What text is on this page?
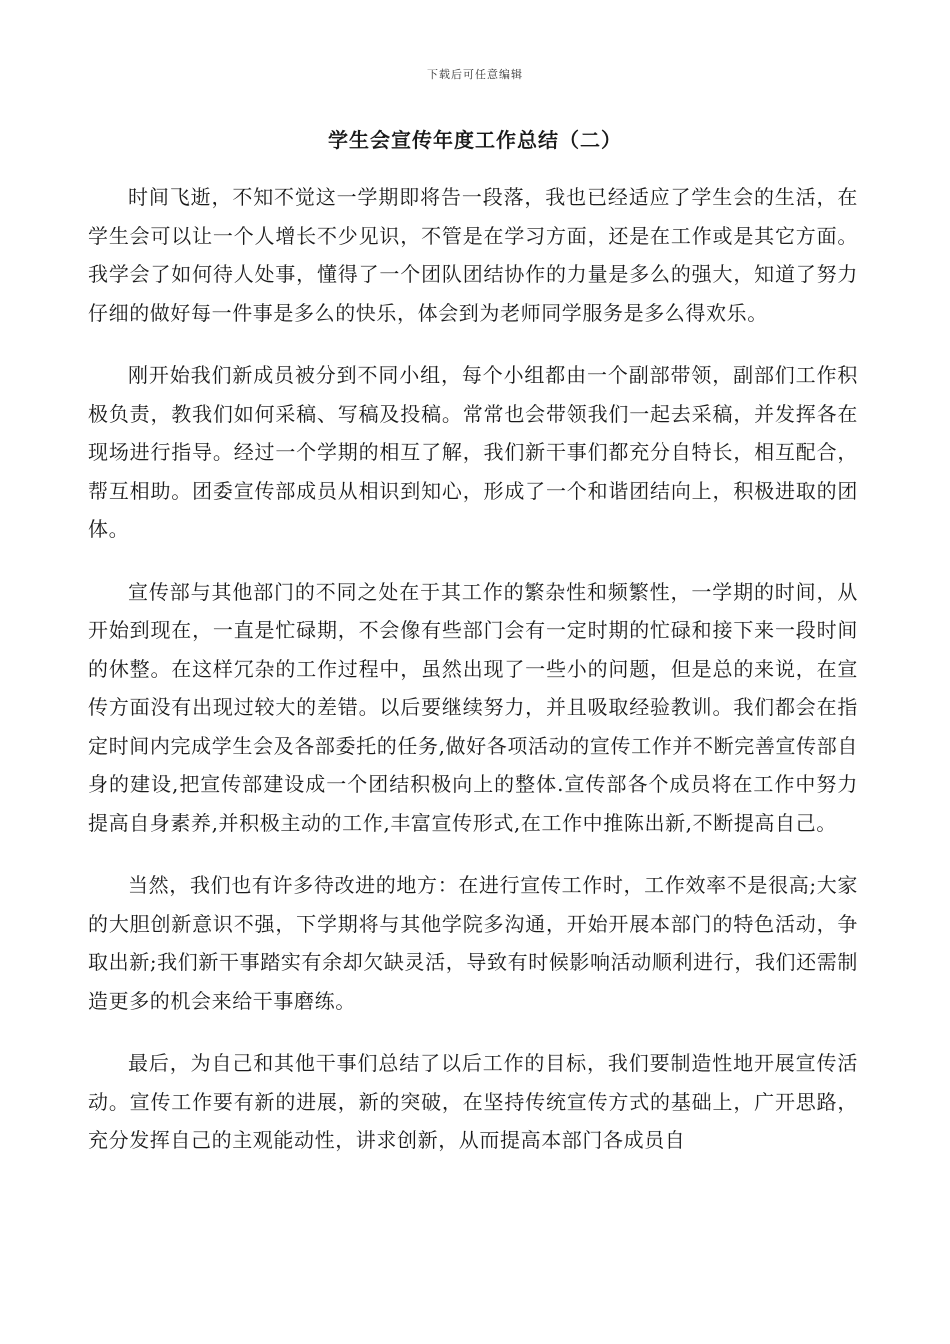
下载后可任意编辑
学生会宣传年度工作总结（二）

时间飞逝，不知不觉这一学期即将告一段落，我也已经适应了学生会的生活，在学生会可以让一个人增长不少见识，不管是在学习方面，还是在工作或是其它方面。我学会了如何待人处事，懂得了一个团队团结协作的力量是多么的强大，知道了努力仔细的做好每一件事是多么的快乐，体会到为老师同学服务是多么得欢乐。

刚开始我们新成员被分到不同小组，每个小组都由一个副部带领，副部们工作积极负责，教我们如何采稿、写稿及投稿。常常也会带领我们一起去采稿，并发挥各在现场进行指导。经过一个学期的相互了解，我们新干事们都充分自特长，相互配合，帮互相助。团委宣传部成员从相识到知心，形成了一个和谐团结向上，积极进取的团体。

宣传部与其他部门的不同之处在于其工作的繁杂性和频繁性，一学期的时间，从开始到现在，一直是忙碌期，不会像有些部门会有一定时期的忙碌和接下来一段时间的休整。在这样冗杂的工作过程中，虽然出现了一些小的问题，但是总的来说，在宣传方面没有出现过较大的差错。以后要继续努力，并且吸取经验教训。我们都会在指定时间内完成学生会及各部委托的任务,做好各项活动的宣传工作并不断完善宣传部自身的建设,把宣传部建设成一个团结积极向上的整体.宣传部各个成员将在工作中努力提高自身素养,并积极主动的工作,丰富宣传形式,在工作中推陈出新,不断提高自己。

当然，我们也有许多待改进的地方：在进行宣传工作时，工作效率不是很高;大家的大胆创新意识不强，下学期将与其他学院多沟通，开始开展本部门的特色活动，争取出新;我们新干事踏实有余却欠缺灵活，导致有时候影响活动顺利进行，我们还需制造更多的机会来给干事磨练。

最后，为自己和其他干事们总结了以后工作的目标，我们要制造性地开展宣传活动。宣传工作要有新的进展，新的突破，在坚持传统宣传方式的基础上，广开思路，充分发挥自己的主观能动性，讲求创新，从而提高本部门各成员自
